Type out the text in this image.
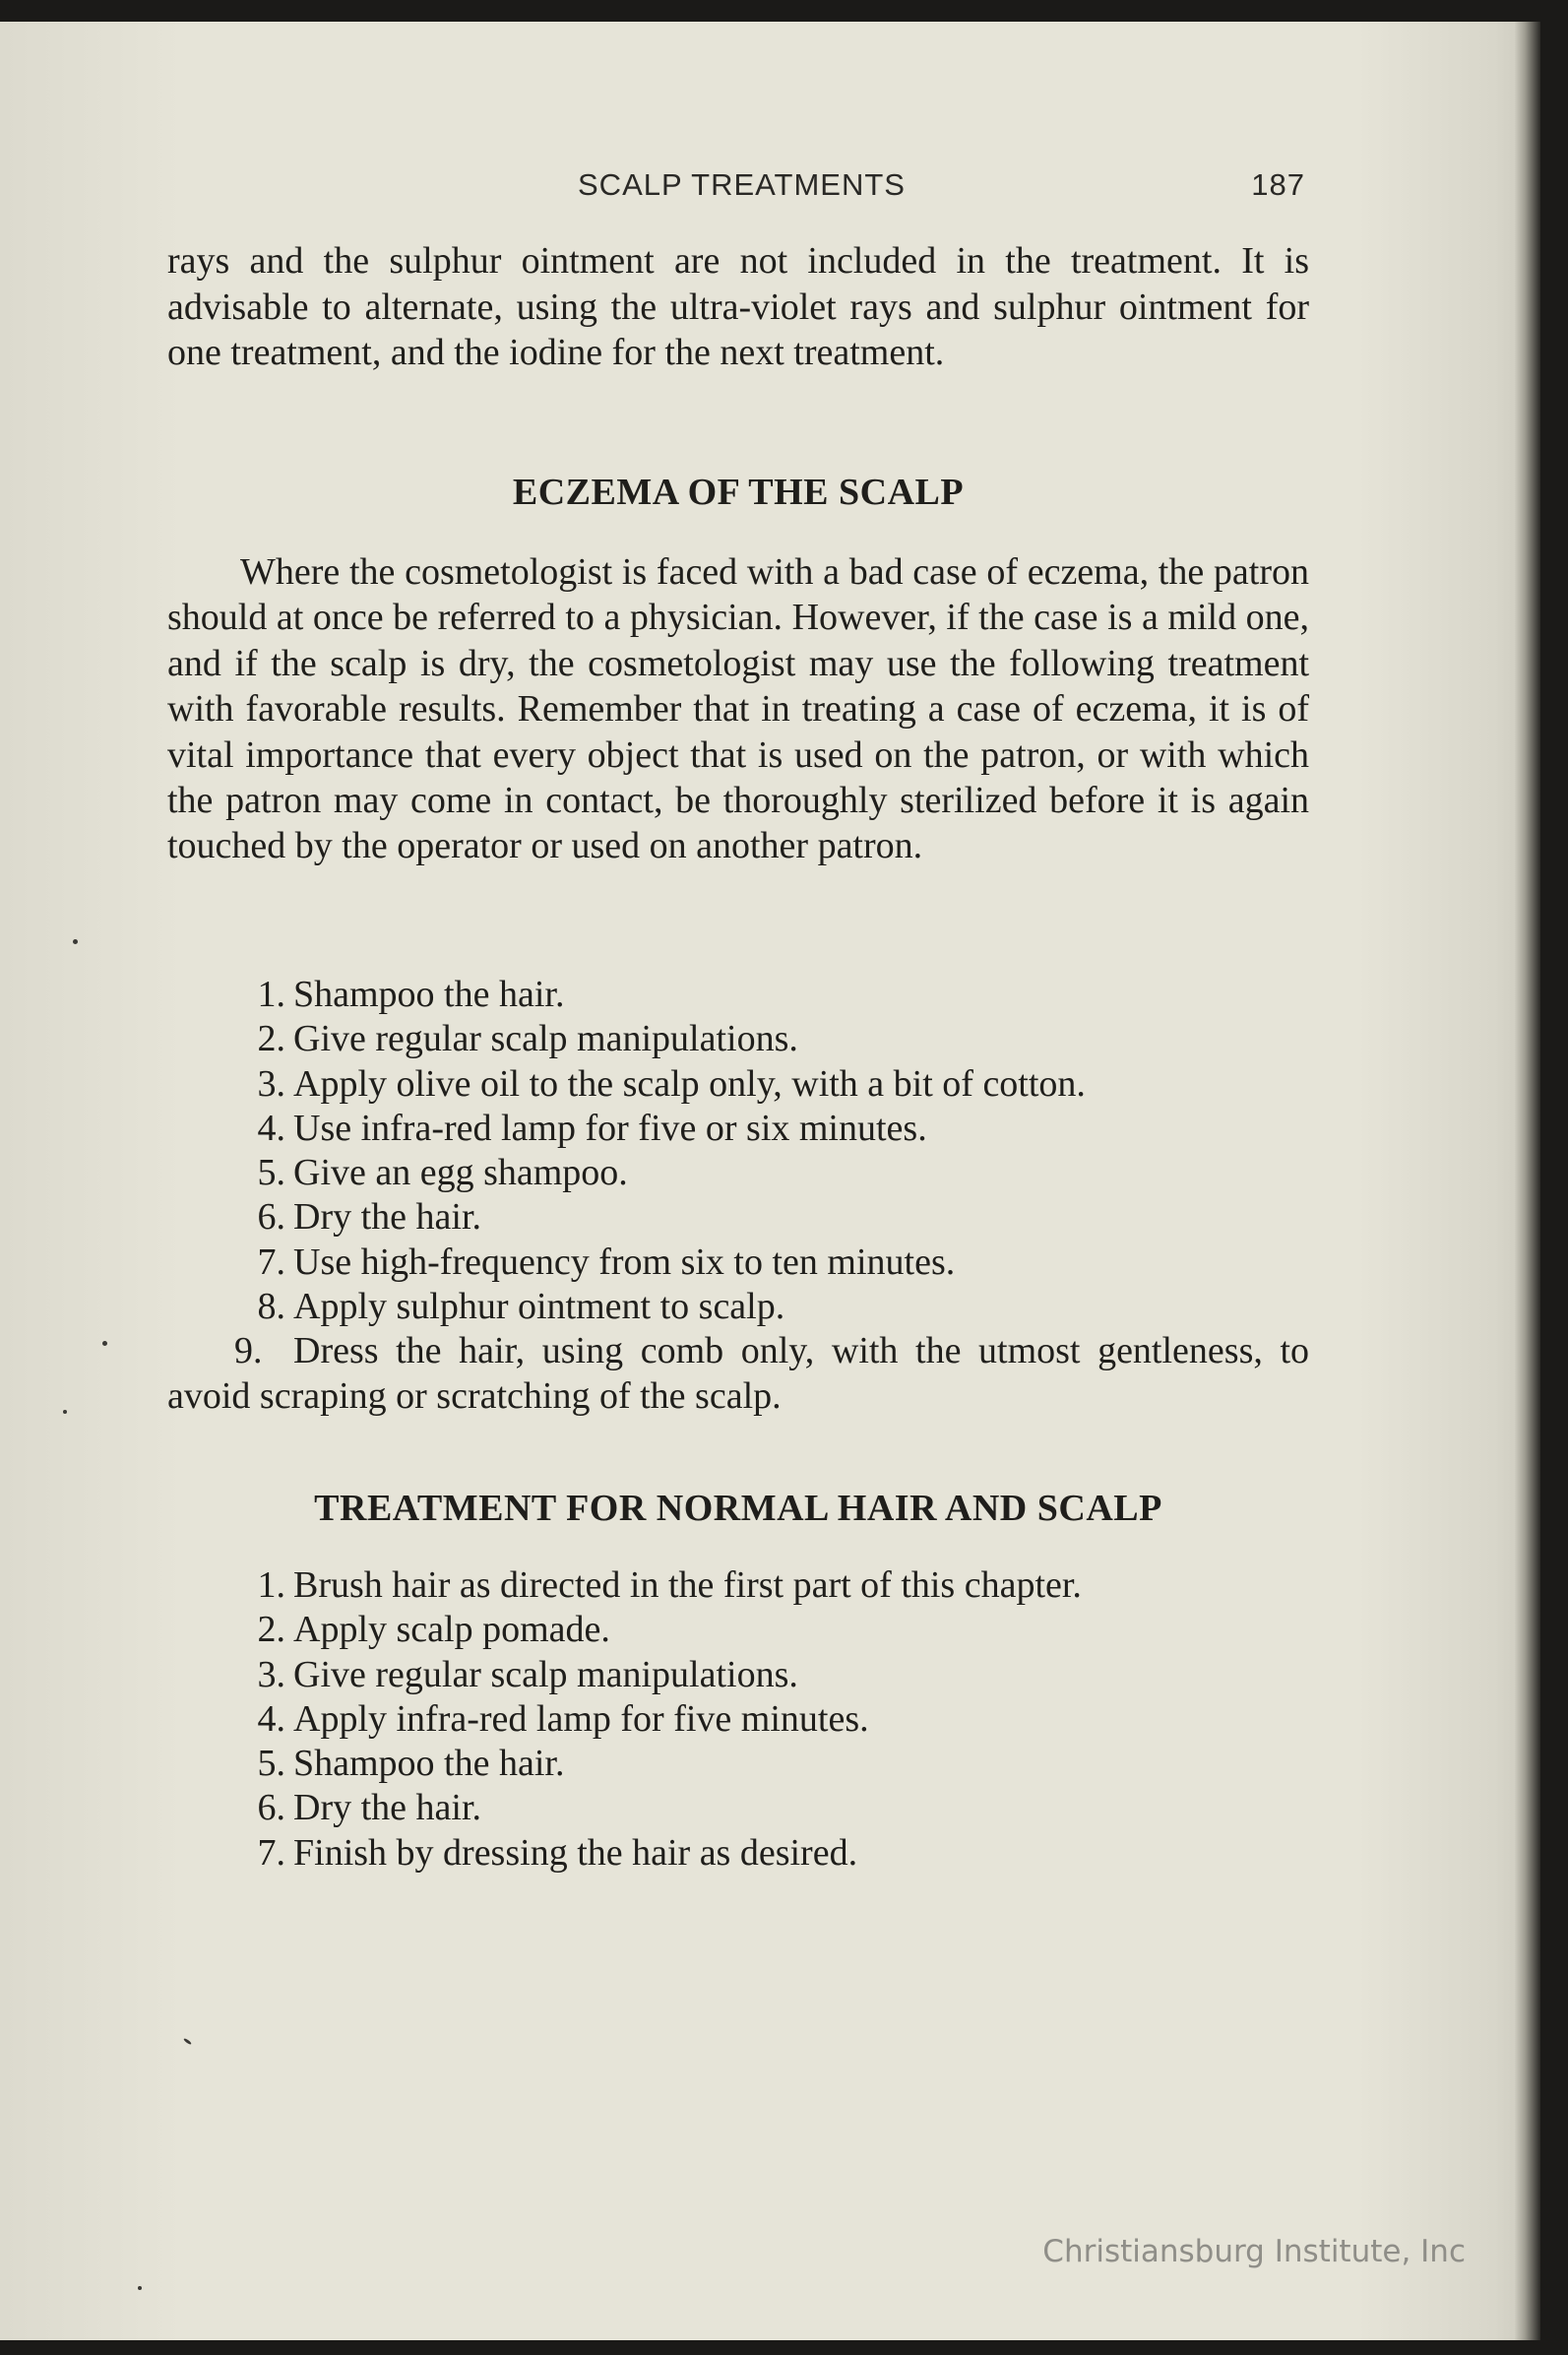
SCALP TREATMENTS	187

rays and the sulphur ointment are not included in the treatment. It is advisable to alternate, using the ultra-violet rays and sulphur ointment for one treatment, and the iodine for the next treatment.

ECZEMA OF THE SCALP

Where the cosmetologist is faced with a bad case of eczema, the patron should at once be referred to a physician. However, if the case is a mild one, and if the scalp is dry, the cosmetologist may use the following treatment with favorable results. Remember that in treating a case of eczema, it is of vital importance that every object that is used on the patron, or with which the patron may come in contact, be thoroughly sterilized before it is again touched by the operator or used on another patron.

1. Shampoo the hair.
2. Give regular scalp manipulations.
3. Apply olive oil to the scalp only, with a bit of cotton.
4. Use infra-red lamp for five or six minutes.
5. Give an egg shampoo.
6. Dry the hair.
7. Use high-frequency from six to ten minutes.
8. Apply sulphur ointment to scalp.
9. Dress the hair, using comb only, with the utmost gentleness, to avoid scraping or scratching of the scalp.
TREATMENT FOR NORMAL HAIR AND SCALP
1. Brush hair as directed in the first part of this chapter.
2. Apply scalp pomade.
3. Give regular scalp manipulations.
4. Apply infra-red lamp for five minutes.
5. Shampoo the hair.
6. Dry the hair.
7. Finish by dressing the hair as desired.
Christiansburg Institute, Inc
